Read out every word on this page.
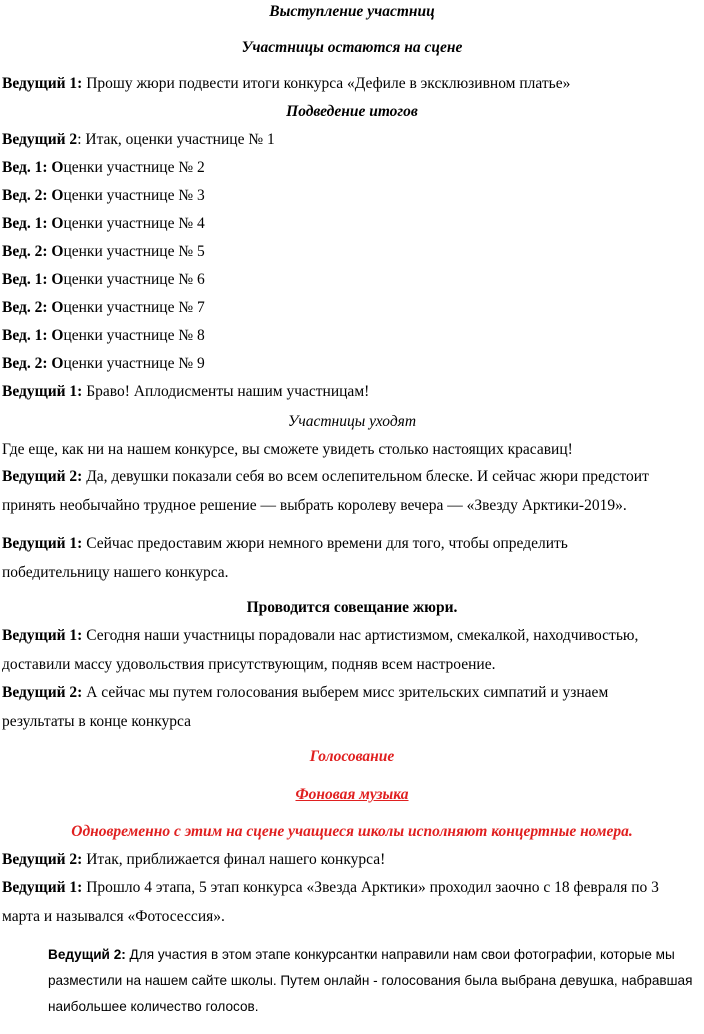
Выступление участниц
Участницы остаются на сцене
Ведущий 1: Прошу жюри подвести итоги конкурса «Дефиле в эксклюзивном платье»
Подведение итогов
Ведущий 2: Итак, оценки участнице № 1
Вед. 1: Оценки участнице № 2
Вед. 2: Оценки участнице № 3
Вед. 1: Оценки участнице № 4
Вед. 2: Оценки участнице № 5
Вед. 1: Оценки участнице № 6
Вед. 2: Оценки участнице № 7
Вед. 1: Оценки участнице № 8
Вед. 2: Оценки участнице № 9
Ведущий 1: Браво! Аплодисменты нашим участницам!
Участницы уходят
Где еще, как ни на нашем конкурсе, вы сможете увидеть столько настоящих красавиц!
Ведущий 2: Да, девушки показали себя во всем ослепительном блеске. И сейчас жюри предстоит
принять необычайно трудное решение — выбрать королеву вечера — «Звезду Арктики-2019».
Ведущий 1: Сейчас предоставим жюри немного времени для того, чтобы определить
победительницу нашего конкурса.
Проводится совещание жюри.
Ведущий 1: Сегодня наши участницы порадовали нас артистизмом, смекалкой, находчивостью,
доставили массу удовольствия присутствующим, подняв всем настроение.
Ведущий 2: А сейчас мы путем голосования выберем мисс зрительских симпатий и узнаем
результаты в конце конкурса
Голосование
Фоновая музыка
Одновременно с этим на сцене учащиеся школы исполняют концертные номера.
Ведущий 2: Итак, приближается финал нашего конкурса!
Ведущий 1: Прошло 4 этапа, 5 этап конкурса «Звезда Арктики» проходил заочно с 18 февраля по 3
марта и назывался «Фотосессия».
Ведущий 2: Для участия в этом этапе конкурсантки направили нам свои фотографии, которые мы
разместили на нашем сайте школы. Путем онлайн - голосования была выбрана девушка, набравшая
наибольшее количество голосов.
